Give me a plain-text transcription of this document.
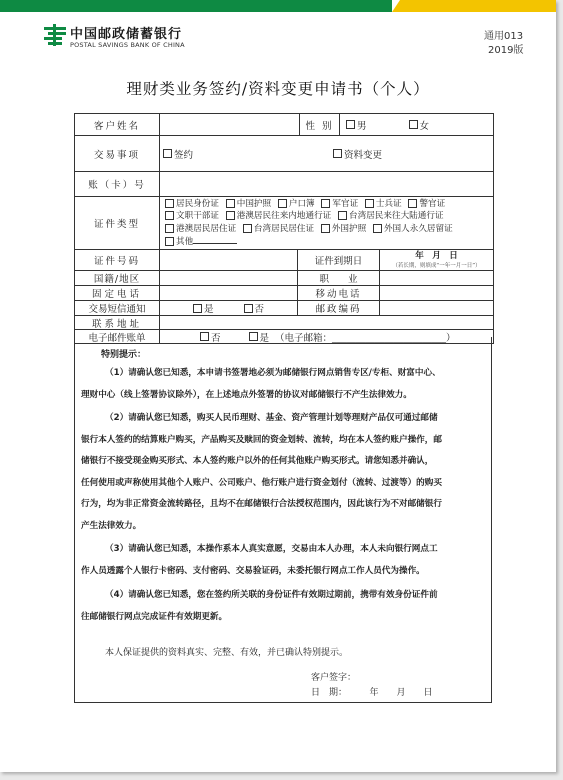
中国邮政储蓄银行
POSTAL SAVINGS BANK OF CHINA
通用013
2019版
理财类业务签约/资料变更申请书（个人）
客户姓名	性 别	男	女
交易事项	签约	资料变更
账（卡）号
证件类型
居民身份证 中国护照 户口簿 军官证 士兵证 警官证
文职干部证 港澳居民往来内地通行证 台湾居民来往大陆通行证
港澳居民居住证 台湾居民居住证 外国护照 外国人永久居留证
其他
证件号码	证件到期日	年　月　日
（若长期，则填成“一年一月一日”）
国籍/地区	职　　业
固定电话	移动电话
交易短信通知	是	否	邮政编码
联系地址
电子邮件账单	否	是 （电子邮箱：________________________）
特别提示：
（1）请确认您已知悉，本申请书签署地必须为邮储银行网点销售专区/专柜、财富中心、
理财中心（线上签署协议除外），在上述地点外签署的协议对邮储银行不产生法律效力。
（2）请确认您已知悉，购买人民币理财、基金、资产管理计划等理财产品仅可通过邮储
银行本人签约的结算账户购买，产品购买及赎回的资金划转、流转，均在本人签约账户操作，邮
储银行不接受现金购买形式、本人签约账户以外的任何其他账户购买形式。请您知悉并确认，
任何使用或声称使用其他个人账户、公司账户、他行账户进行资金划付（流转、过渡等）的购买
行为，均为非正常资金流转路径，且均不在邮储银行合法授权范围内，因此该行为不对邮储银行
产生法律效力。
（3）请确认您已知悉，本操作系本人真实意愿，交易由本人办理，本人未向银行网点工
作人员透露个人银行卡密码、支付密码、交易验证码，未委托银行网点工作人员代为操作。
（4）请确认您已知悉，您在签约所关联的身份证件有效期过期前，携带有效身份证件前
往邮储银行网点完成证件有效期更新。
本人保证提供的资料真实、完整、有效，并已确认特别提示。
客户签字：
日　期：　　　年　　月　　日
